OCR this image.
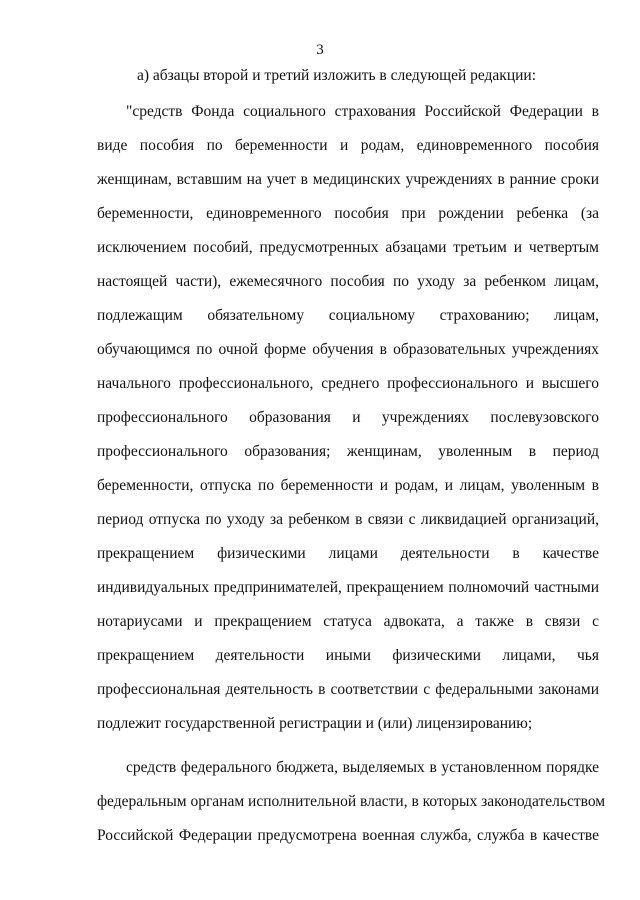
3
а) абзацы второй и третий изложить в следующей редакции:
"средств Фонда социального страхования Российской Федерации в
виде пособия по беременности и родам, единовременного пособия
женщинам, вставшим на учет в медицинских учреждениях в ранние сроки
беременности, единовременного пособия при рождении ребенка (за
исключением пособий, предусмотренных абзацами третьим и четвертым
настоящей части), ежемесячного пособия по уходу за ребенком лицам,
подлежащим обязательному социальному страхованию; лицам,
обучающимся по очной форме обучения в образовательных учреждениях
начального профессионального, среднего профессионального и высшего
профессионального образования и учреждениях послевузовского
профессионального образования; женщинам, уволенным в период
беременности, отпуска по беременности и родам, и лицам, уволенным в
период отпуска по уходу за ребенком в связи с ликвидацией организаций,
прекращением физическими лицами деятельности в качестве
индивидуальных предпринимателей, прекращением полномочий частными
нотариусами и прекращением статуса адвоката, а также в связи с
прекращением деятельности иными физическими лицами, чья
профессиональная деятельность в соответствии с федеральными законами
подлежит государственной регистрации и (или) лицензированию;
средств федерального бюджета, выделяемых в установленном порядке
федеральным органам исполнительной власти, в которых законодательством
Российской Федерации предусмотрена военная служба, служба в качестве
